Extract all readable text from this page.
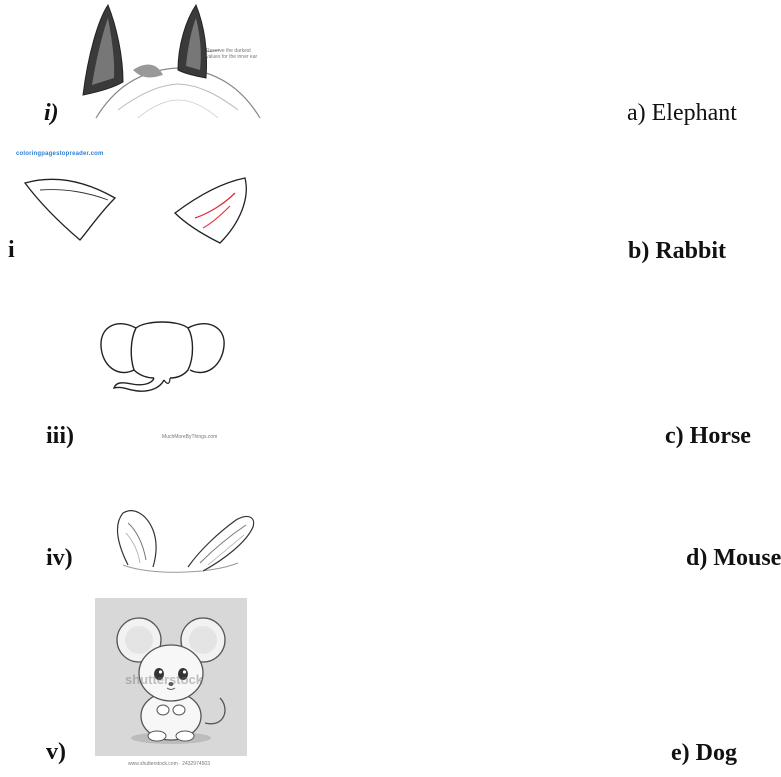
Reserve the darkest values for the inner ear
i)
coloringpagestopreader.com
i
MuchMoreByThings.com
iii)
iv)
shutterstock
www.shutterstock.com · 2432974503
v)
a) Elephant
b) Rabbit
c) Horse
d) Mouse
e) Dog
